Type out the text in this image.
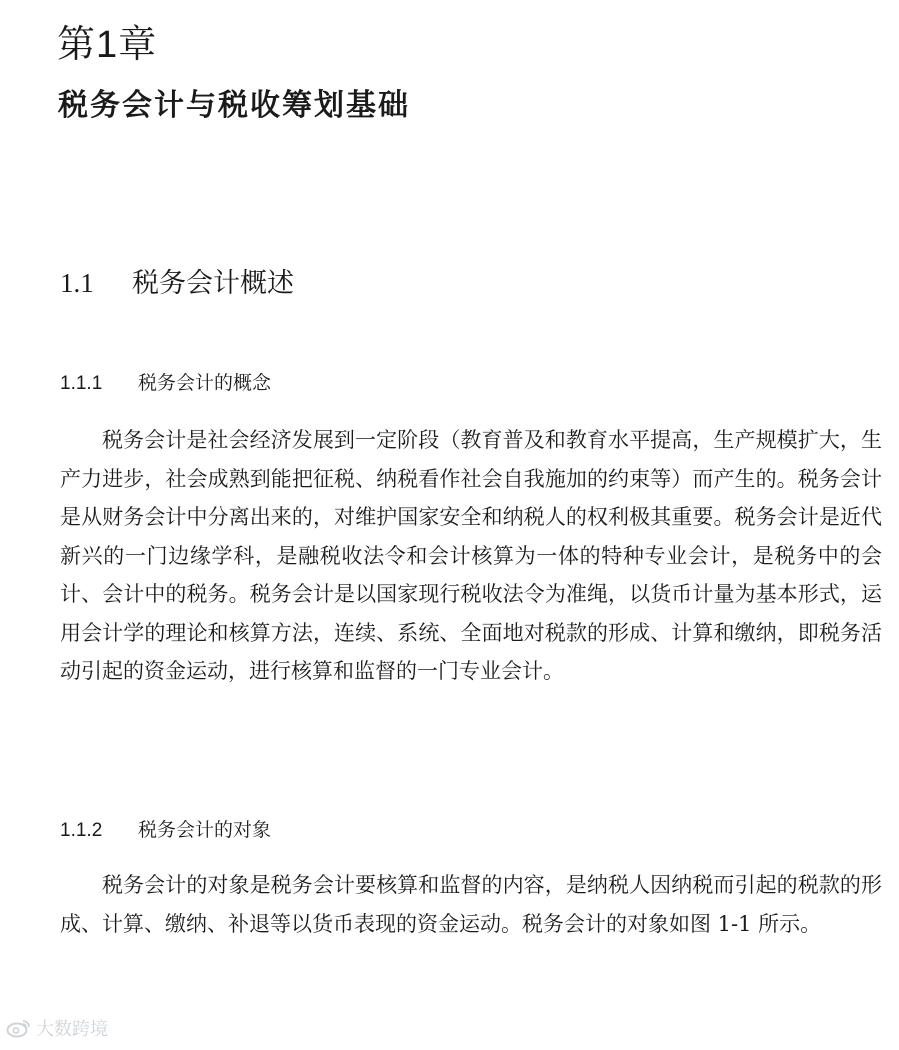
第1章
税务会计与税收筹划基础
1.1 税务会计概述
1.1.1 税务会计的概念

税务会计是社会经济发展到一定阶段（教育普及和教育水平提高，生产规模扩大，生产力进步，社会成熟到能把征税、纳税看作社会自我施加的约束等）而产生的。税务会计是从财务会计中分离出来的，对维护国家安全和纳税人的权利极其重要。税务会计是近代新兴的一门边缘学科，是融税收法令和会计核算为一体的特种专业会计，是税务中的会计、会计中的税务。税务会计是以国家现行税收法令为准绳，以货币计量为基本形式，运用会计学的理论和核算方法，连续、系统、全面地对税款的形成、计算和缴纳，即税务活动引起的资金运动，进行核算和监督的一门专业会计。

1.1.2 税务会计的对象

税务会计的对象是税务会计要核算和监督的内容，是纳税人因纳税而引起的税款的形成、计算、缴纳、补退等以货币表现的资金运动。税务会计的对象如图 1-1 所示。

大数跨境
